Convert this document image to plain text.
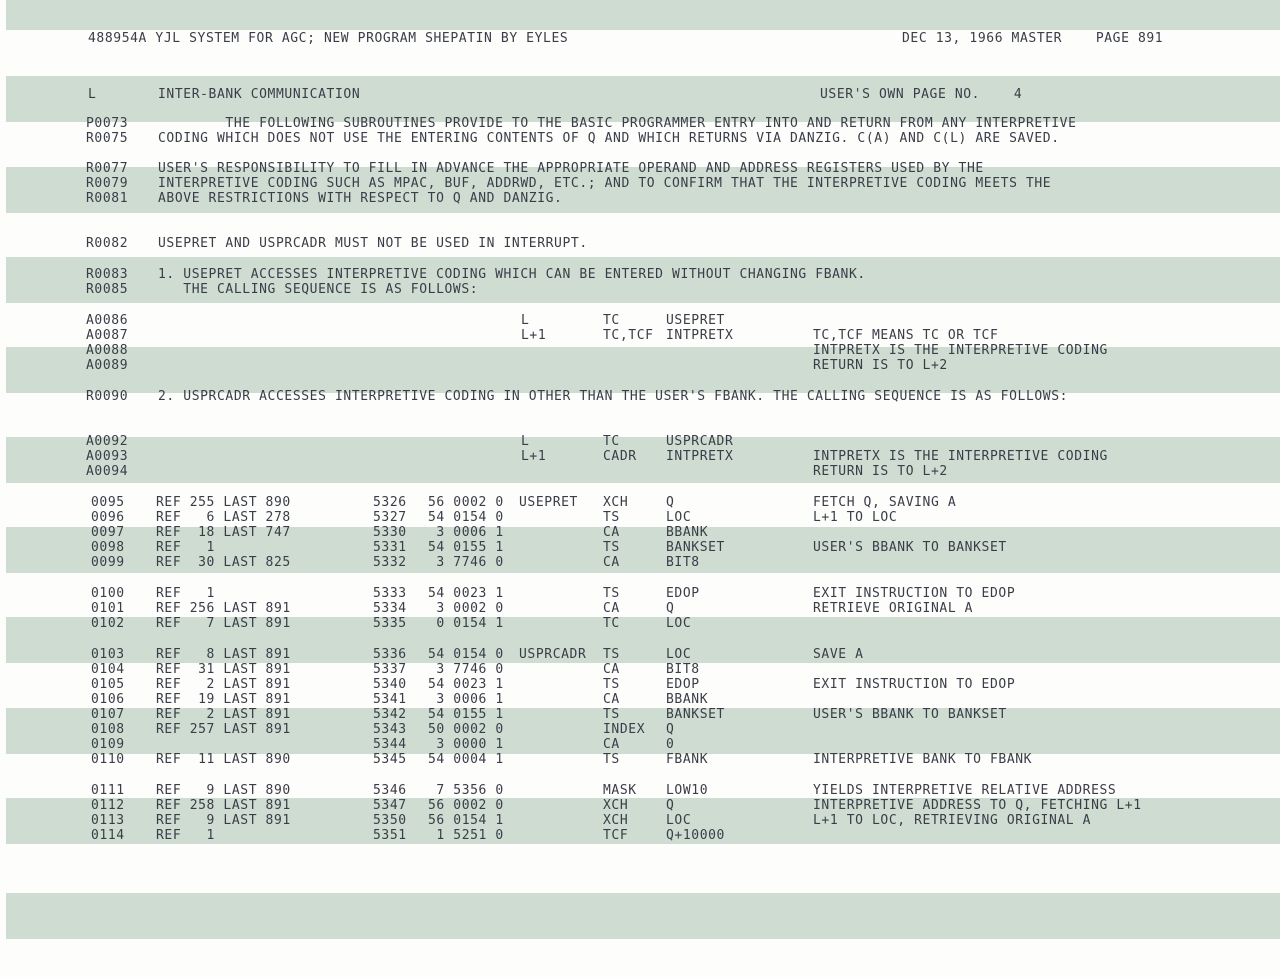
488954A YJL SYSTEM FOR AGC; NEW PROGRAM SHEPATIN BY EYLES	DEC 13, 1966 MASTER    PAGE 891
L	INTER-BANK COMMUNICATION	USER'S OWN PAGE NO.    4
P0073 THE FOLLOWING SUBROUTINES PROVIDE TO THE BASIC PROGRAMMER ENTRY INTO AND RETURN FROM ANY INTERPRETIVE
R0075 CODING WHICH DOES NOT USE THE ENTERING CONTENTS OF Q AND WHICH RETURNS VIA DANZIG. C(A) AND C(L) ARE SAVED.
R0077 USER'S RESPONSIBILITY TO FILL IN ADVANCE THE APPROPRIATE OPERAND AND ADDRESS REGISTERS USED BY THE
R0079 INTERPRETIVE CODING SUCH AS MPAC, BUF, ADDRWD, ETC.; AND TO CONFIRM THAT THE INTERPRETIVE CODING MEETS THE
R0081 ABOVE RESTRICTIONS WITH RESPECT TO Q AND DANZIG.
R0082 USEPRET AND USPRCADR MUST NOT BE USED IN INTERRUPT.
R0083 1. USEPRET ACCESSES INTERPRETIVE CODING WHICH CAN BE ENTERED WITHOUT CHANGING FBANK.
R0085 THE CALLING SEQUENCE IS AS FOLLOWS:
R0090 2. USPRCADR ACCESSES INTERPRETIVE CODING IN OTHER THAN THE USER'S FBANK. THE CALLING SEQUENCE IS AS FOLLOWS:
A0086	L	TC	USEPRET
A0087	L+1	TC,TCF INTPRETX	TC,TCF MEANS TC OR TCF
A0088	INTPRETX IS THE INTERPRETIVE CODING
A0089	RETURN IS TO L+2
A0092	L	TC	USPRCADR
A0093	L+1	CADR INTPRETX	INTPRETX IS THE INTERPRETIVE CODING
A0094	RETURN IS TO L+2
0095 REF 255 LAST 890	5326 56 0002 0 USEPRET XCH	Q	FETCH Q, SAVING A
0096 REF   6 LAST 278	5327 54 0154 0	TS	LOC	L+1 TO LOC
0097 REF  18 LAST 747	5330 3 0006 1	CA	BBANK
0098 REF   1	5331 54 0155 1	TS	BANKSET	USER'S BBANK TO BANKSET
0099 REF  30 LAST 825	5332 3 7746 0	CA	BIT8
0100 REF   1	5333 54 0023 1	TS	EDOP	EXIT INSTRUCTION TO EDOP
0101 REF 256 LAST 891	5334 3 0002 0	CA	Q	RETRIEVE ORIGINAL A
0102 REF   7 LAST 891	5335 0 0154 1	TC	LOC
0103 REF   8 LAST 891	5336 54 0154 0 USPRCADR TS	LOC	SAVE A
0104 REF  31 LAST 891	5337 3 7746 0	CA	BIT8
0105 REF   2 LAST 891	5340 54 0023 1	TS	EDOP	EXIT INSTRUCTION TO EDOP
0106 REF  19 LAST 891	5341 3 0006 1	CA	BBANK
0107 REF   2 LAST 891	5342 54 0155 1	TS	BANKSET	USER'S BBANK TO BANKSET
0108 REF 257 LAST 891	5343 50 0002 0	INDEX Q
0109	5344 3 0000 1	CA	0
0110 REF  11 LAST 890	5345 54 0004 1	TS	FBANK	INTERPRETIVE BANK TO FBANK
0111 REF   9 LAST 890	5346 7 5356 0	MASK LOW10	YIELDS INTERPRETIVE RELATIVE ADDRESS
0112 REF 258 LAST 891	5347 56 0002 0	XCH	Q	INTERPRETIVE ADDRESS TO Q, FETCHING L+1
0113 REF   9 LAST 891	5350 56 0154 1	XCH	LOC	L+1 TO LOC, RETRIEVING ORIGINAL A
0114 REF   1	5351 1 5251 0	TCF	Q+10000
